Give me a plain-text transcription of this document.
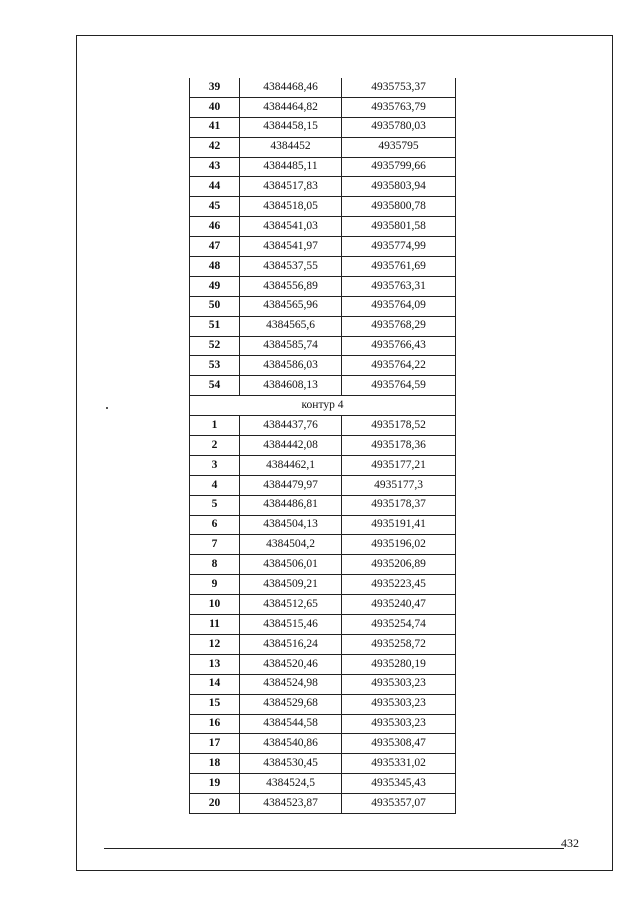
39	4384468,46	4935753,37
40	4384464,82	4935763,79
41	4384458,15	4935780,03
42	4384452	4935795
43	4384485,11	4935799,66
44	4384517,83	4935803,94
45	4384518,05	4935800,78
46	4384541,03	4935801,58
47	4384541,97	4935774,99
48	4384537,55	4935761,69
49	4384556,89	4935763,31
50	4384565,96	4935764,09
51	4384565,6	4935768,29
52	4384585,74	4935766,43
53	4384586,03	4935764,22
54	4384608,13	4935764,59
контур 4		
1	4384437,76	4935178,52
2	4384442,08	4935178,36
3	4384462,1	4935177,21
4	4384479,97	4935177,3
5	4384486,81	4935178,37
6	4384504,13	4935191,41
7	4384504,2	4935196,02
8	4384506,01	4935206,89
9	4384509,21	4935223,45
10	4384512,65	4935240,47
11	4384515,46	4935254,74
12	4384516,24	4935258,72
13	4384520,46	4935280,19
14	4384524,98	4935303,23
15	4384529,68	4935303,23
16	4384544,58	4935303,23
17	4384540,86	4935308,47
18	4384530,45	4935331,02
19	4384524,5	4935345,43
20	4384523,87	4935357,07
432
